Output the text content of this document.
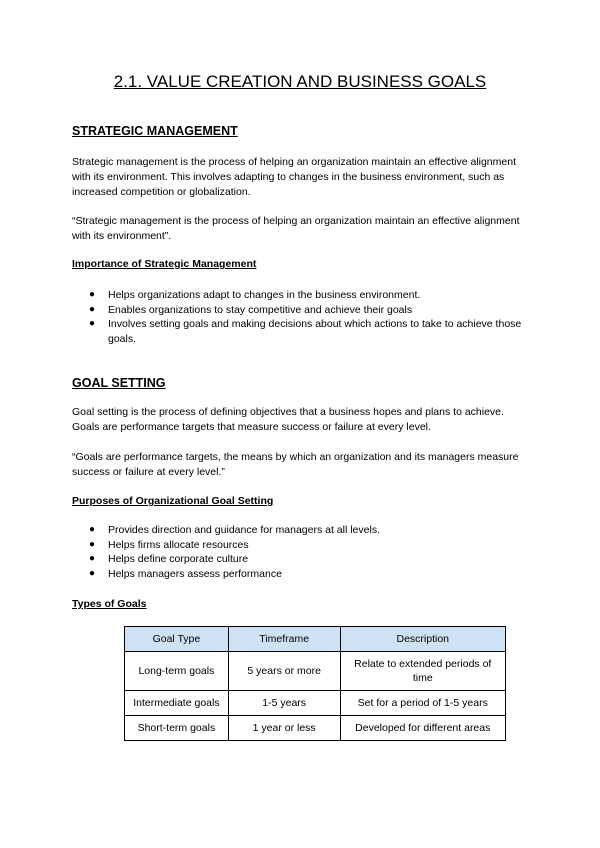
2.1. VALUE CREATION AND BUSINESS GOALS
STRATEGIC MANAGEMENT

Strategic management is the process of helping an organization maintain an effective alignment with its environment. This involves adapting to changes in the business environment, such as increased competition or globalization.

“Strategic management is the process of helping an organization maintain an effective alignment with its environment”.

Importance of Strategic Management
● Helps organizations adapt to changes in the business environment.
● Enables organizations to stay competitive and achieve their goals
● Involves setting goals and making decisions about which actions to take to achieve those goals.
GOAL SETTING

Goal setting is the process of defining objectives that a business hopes and plans to achieve. Goals are performance targets that measure success or failure at every level.

“Goals are performance targets, the means by which an organization and its managers measure success or failure at every level.”

Purposes of Organizational Goal Setting
● Provides direction and guidance for managers at all levels.
● Helps firms allocate resources
● Helps define corporate culture
● Helps managers assess performance
Types of Goals
Goal Type	Timeframe	Description
Long-term goals	5 years or more	Relate to extended periods of time
Intermediate goals	1-5 years	Set for a period of 1-5 years
Short-term goals	1 year or less	Developed for different areas
